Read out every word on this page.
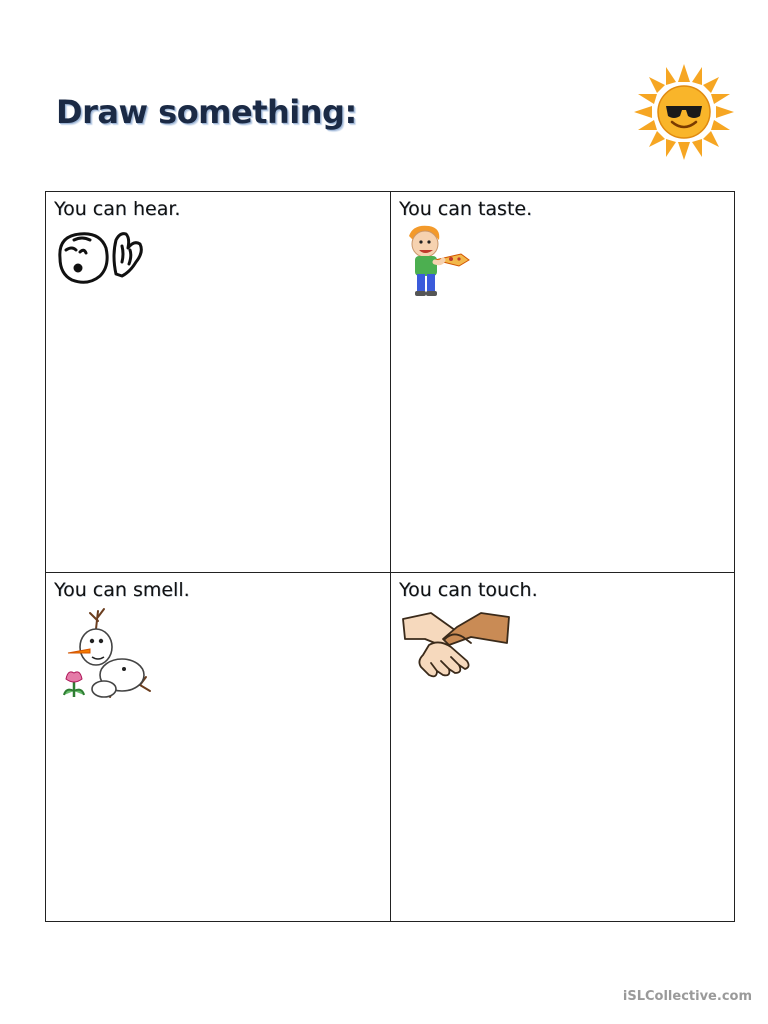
Draw something:
You can hear.	You can taste.
You can smell.	You can touch.
iSLCollective.com
